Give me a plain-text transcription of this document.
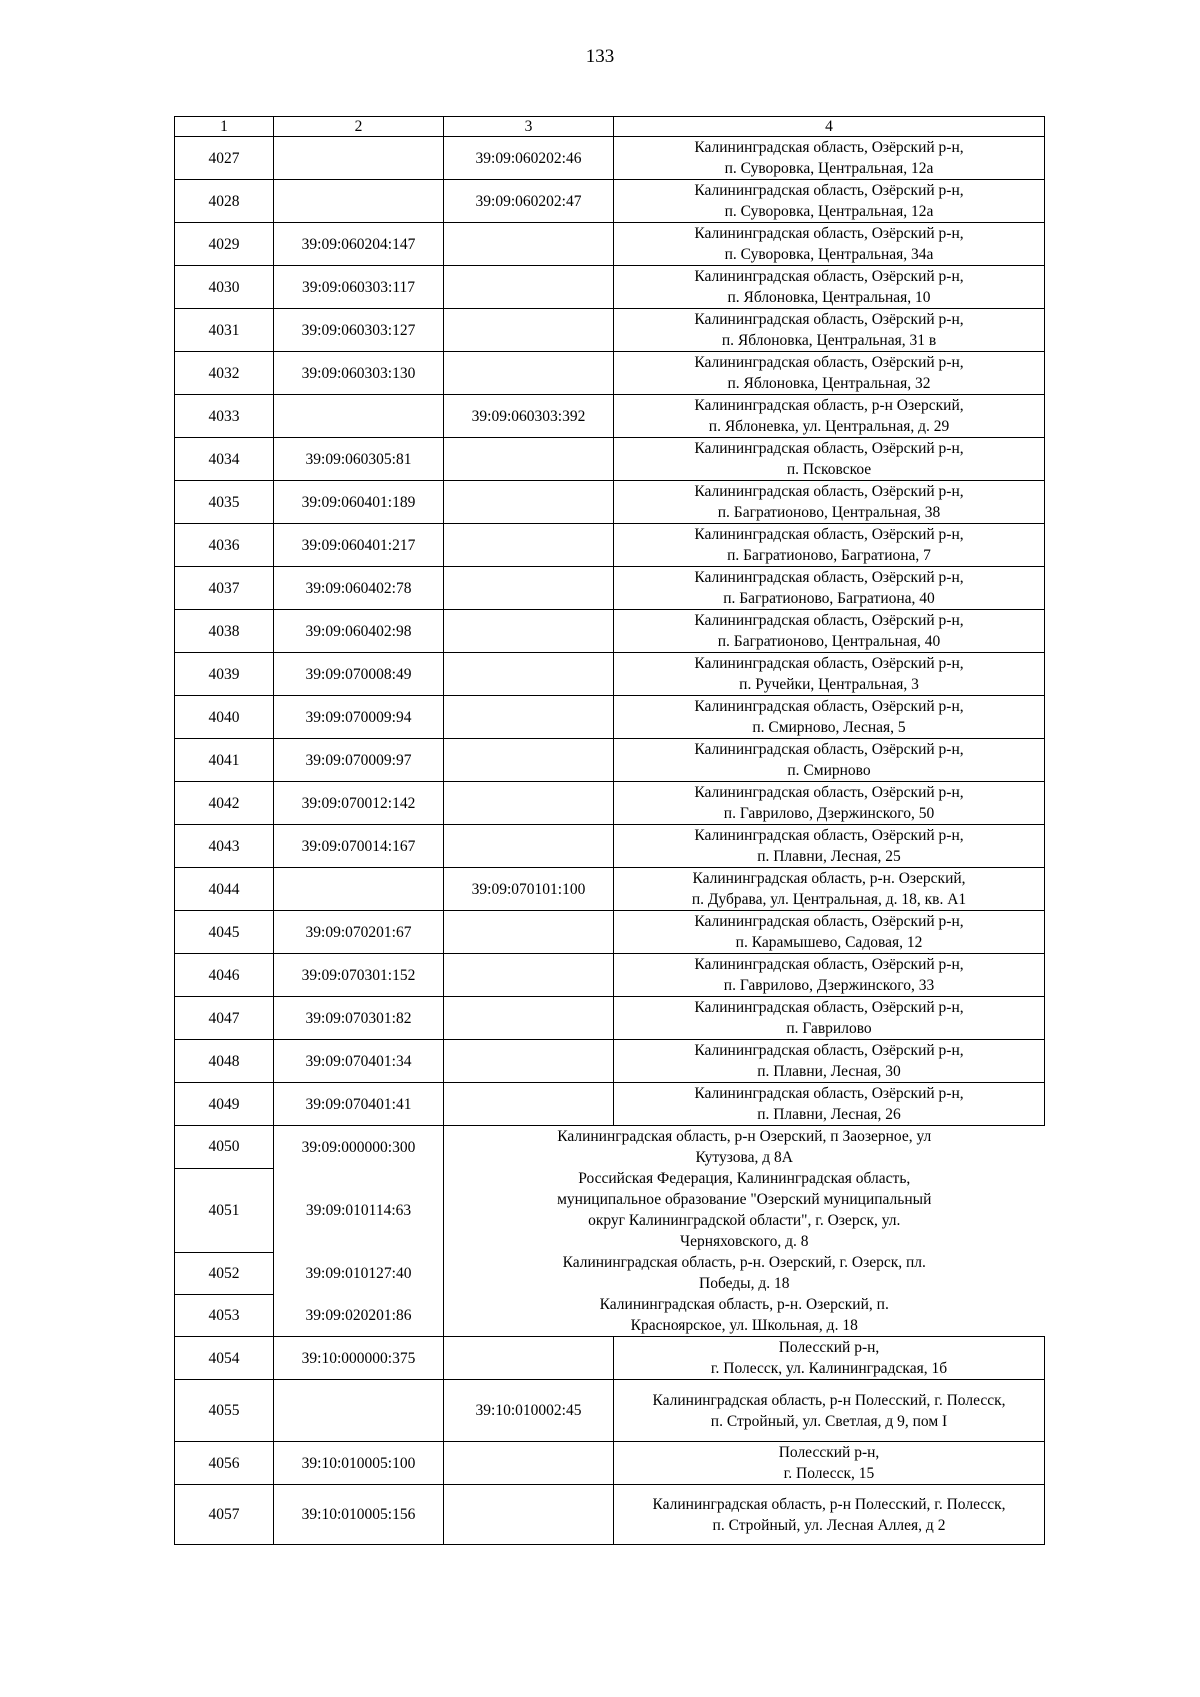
133
1	2	3	4
4027		39:09:060202:46	Калининградская область, Озёрский р-н,
п. Суворовка, Центральная, 12а
4028		39:09:060202:47	Калининградская область, Озёрский р-н,
п. Суворовка, Центральная, 12а
4029	39:09:060204:147		Калининградская область, Озёрский р-н,
п. Суворовка, Центральная, 34а
4030	39:09:060303:117		Калининградская область, Озёрский р-н,
п. Яблоновка, Центральная, 10
4031	39:09:060303:127		Калининградская область, Озёрский р-н,
п. Яблоновка, Центральная, 31 в
4032	39:09:060303:130		Калининградская область, Озёрский р-н,
п. Яблоновка, Центральная, 32
4033		39:09:060303:392	Калининградская область, р-н Озерский,
п. Яблоневка, ул. Центральная, д. 29
4034	39:09:060305:81		Калининградская область, Озёрский р-н,
п. Псковское
4035	39:09:060401:189		Калининградская область, Озёрский р-н,
п. Багратионово, Центральная, 38
4036	39:09:060401:217		Калининградская область, Озёрский р-н,
п. Багратионово, Багратиона, 7
4037	39:09:060402:78		Калининградская область, Озёрский р-н,
п. Багратионово, Багратиона, 40
4038	39:09:060402:98		Калининградская область, Озёрский р-н,
п. Багратионово, Центральная, 40
4039	39:09:070008:49		Калининградская область, Озёрский р-н,
п. Ручейки, Центральная, 3
4040	39:09:070009:94		Калининградская область, Озёрский р-н,
п. Смирново, Лесная, 5
4041	39:09:070009:97		Калининградская область, Озёрский р-н,
п. Смирново
4042	39:09:070012:142		Калининградская область, Озёрский р-н,
п. Гаврилово, Дзержинского, 50
4043	39:09:070014:167		Калининградская область, Озёрский р-н,
п. Плавни, Лесная, 25
4044		39:09:070101:100	Калининградская область, р-н. Озерский,
п. Дубрава, ул. Центральная, д. 18, кв. А1
4045	39:09:070201:67		Калининградская область, Озёрский р-н,
п. Карамышево, Садовая, 12
4046	39:09:070301:152		Калининградская область, Озёрский р-н,
п. Гаврилово, Дзержинского, 33
4047	39:09:070301:82		Калининградская область, Озёрский р-н,
п. Гаврилово
4048	39:09:070401:34		Калининградская область, Озёрский р-н,
п. Плавни, Лесная, 30
4049	39:09:070401:41		Калининградская область, Озёрский р-н,
п. Плавни, Лесная, 26
4050	39:09:000000:300	Калининградская область, р-н Озерский, п Заозерное, ул
Кутузова, д 8А	
4051	39:09:010114:63	Российская Федерация, Калининградская область,
муниципальное образование "Озерский муниципальный
округ Калининградской области", г. Озерск, ул.
Черняховского, д. 8	
4052	39:09:010127:40	Калининградская область, р-н. Озерский, г. Озерск, пл.
Победы, д. 18	
4053	39:09:020201:86	Калининградская область, р-н. Озерский, п.
Красноярское, ул. Школьная, д. 18	
4054	39:10:000000:375		Полесский р-н,
г. Полесск, ул. Калининградская, 1б
4055		39:10:010002:45	Калининградская область, р-н Полесский, г. Полесск,
п. Стройный, ул. Светлая, д 9, пом I
4056	39:10:010005:100		Полесский р-н,
г. Полесск, 15
4057	39:10:010005:156		Калининградская область, р-н Полесский, г. Полесск,
п. Стройный, ул. Лесная Аллея, д 2
